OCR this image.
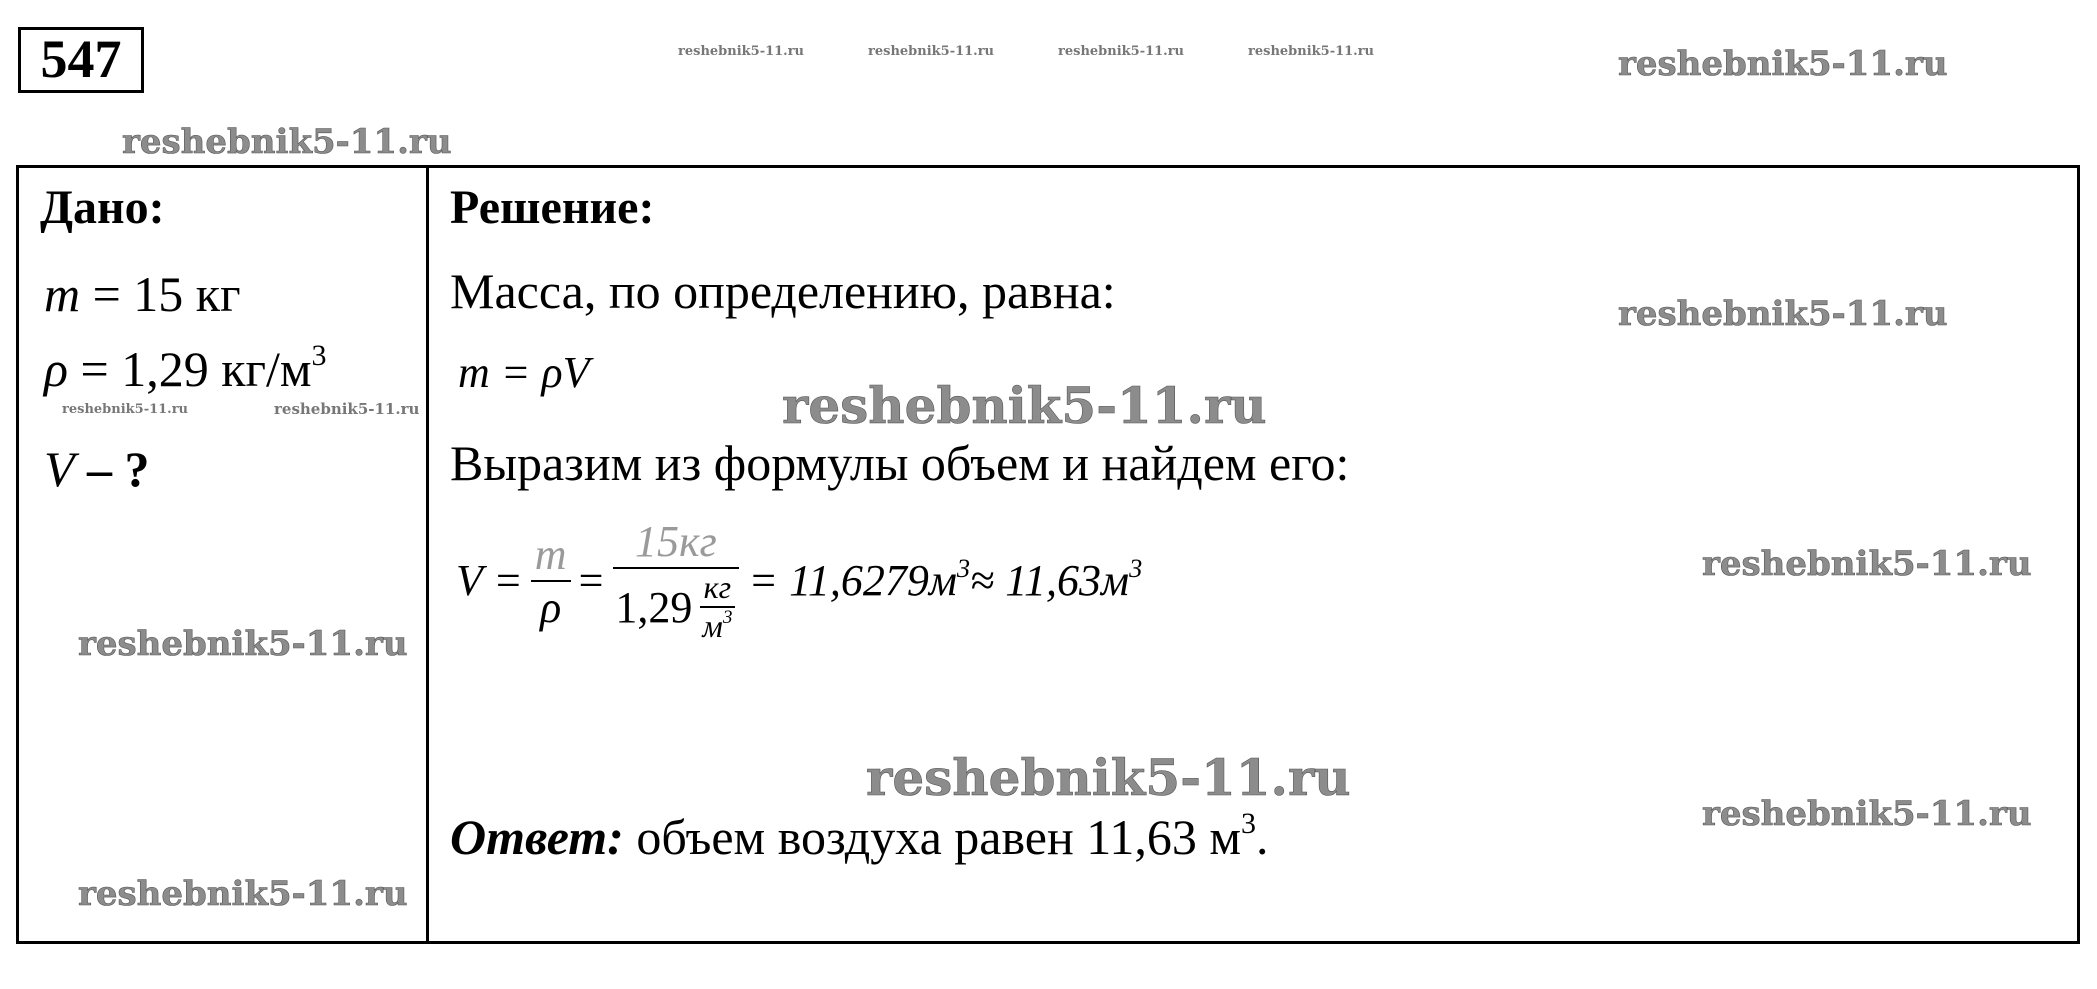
547	reshebnik5-11.ru	reshebnik5-11.ru	reshebnik5-11.ru	reshebnik5-11.ru	reshebnik5-11.ru
reshebnik5-11.ru
Дано:
m = 15 кг
ρ = 1,29 $кг/м^3$
reshebnik5-11.ru	reshebnik5-11.ru
V – ?
reshebnik5-11.ru
reshebnik5-11.ru
Решение:
Масса, по определению, равна:	reshebnik5-11.ru
m = ρV
reshebnik5-11.ru
Выразим из формулы объем и найдем его:
$V = \frac{m}{\rho} = \frac{15кг}{1,29 \frac{кг}{м^3}} = 11,6279м^3 \approx 11,63м^3$	reshebnik5-11.ru
reshebnik5-11.ru
reshebnik5-11.ru
Ответ: объем воздуха равен 11,63 $м^3$.
